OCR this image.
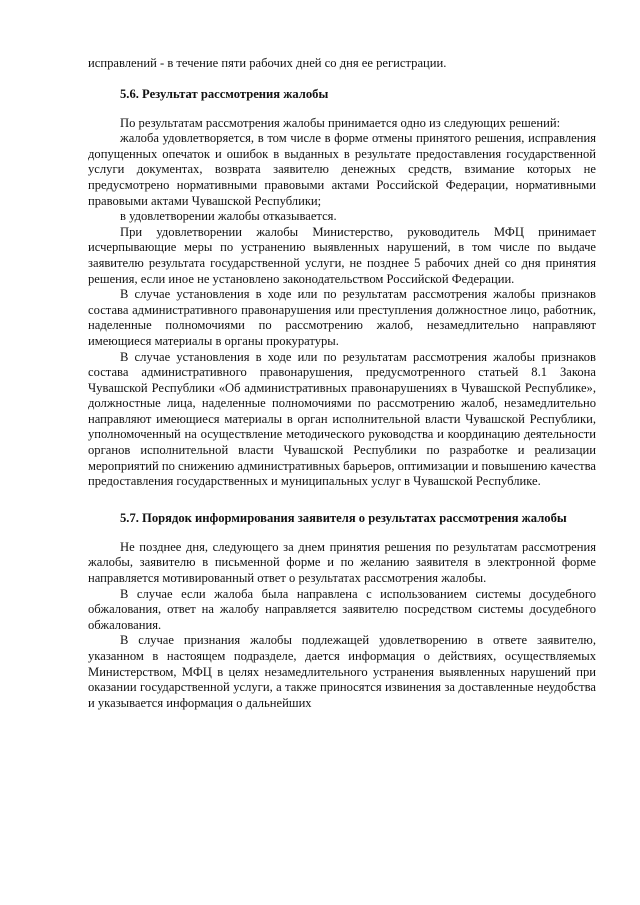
исправлений - в течение пяти рабочих дней со дня ее регистрации.

5.6. Результат рассмотрения жалобы

По результатам рассмотрения жалобы принимается одно из следующих решений:

жалоба удовлетворяется, в том числе в форме отмены принятого решения, исправления допущенных опечаток и ошибок в выданных в результате предоставления государственной услуги документах, возврата заявителю денежных средств, взимание которых не предусмотрено нормативными правовыми актами Российской Федерации, нормативными правовыми актами Чувашской Республики;

в удовлетворении жалобы отказывается.

При удовлетворении жалобы Министерство, руководитель МФЦ принимает исчерпывающие меры по устранению выявленных нарушений, в том числе по выдаче заявителю результата государственной услуги, не позднее 5 рабочих дней со дня принятия решения, если иное не установлено законодательством Российской Федерации.

В случае установления в ходе или по результатам рассмотрения жалобы признаков состава административного правонарушения или преступления должностное лицо, работник, наделенные полномочиями по рассмотрению жалоб, незамедлительно направляют имеющиеся материалы в органы прокуратуры.

В случае установления в ходе или по результатам рассмотрения жалобы признаков состава административного правонарушения, предусмотренного статьей 8.1 Закона Чувашской Республики «Об административных правонарушениях в Чувашской Республике», должностные лица, наделенные полномочиями по рассмотрению жалоб, незамедлительно направляют имеющиеся материалы в орган исполнительной власти Чувашской Республики, уполномоченный на осуществление методического руководства и координацию деятельности органов исполнительной власти Чувашской Республики по разработке и реализации мероприятий по снижению административных барьеров, оптимизации и повышению качества предоставления государственных и муниципальных услуг в Чувашской Республике.

5.7. Порядок информирования заявителя о результатах рассмотрения жалобы

Не позднее дня, следующего за днем принятия решения по результатам рассмотрения жалобы, заявителю в письменной форме и по желанию заявителя в электронной форме направляется мотивированный ответ о результатах рассмотрения жалобы.

В случае если жалоба была направлена с использованием системы досудебного обжалования, ответ на жалобу направляется заявителю посредством системы досудебного обжалования.

В случае признания жалобы подлежащей удовлетворению в ответе заявителю, указанном в настоящем подразделе, дается информация о действиях, осуществляемых Министерством, МФЦ в целях незамедлительного устранения выявленных нарушений при оказании государственной услуги, а также приносятся извинения за доставленные неудобства и указывается информация о дальнейших
